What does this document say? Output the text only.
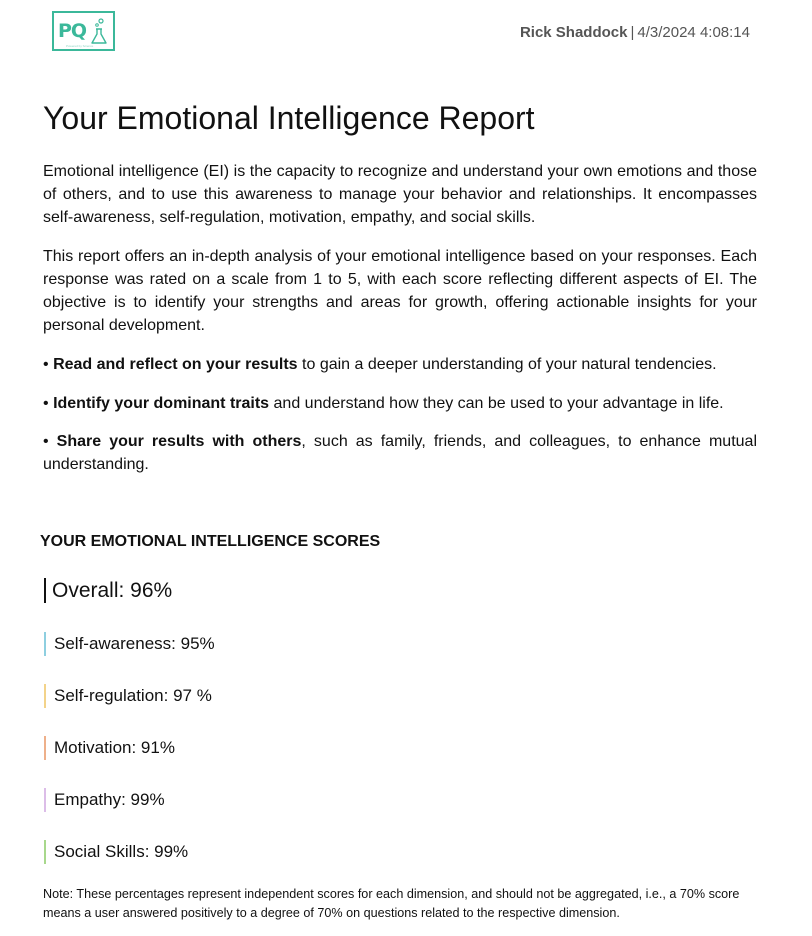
PQ
Powered by Science
Rick Shaddock | 4/3/2024 4:08:14
Your Emotional Intelligence Report

Emotional intelligence (EI) is the capacity to recognize and understand your own emotions and those of others, and to use this awareness to manage your behavior and relationships. It encompasses self-awareness, self-regulation, motivation, empathy, and social skills.

This report offers an in-depth analysis of your emotional intelligence based on your responses. Each response was rated on a scale from 1 to 5, with each score reflecting different aspects of EI. The objective is to identify your strengths and areas for growth, offering actionable insights for your personal development.

• Read and reflect on your results to gain a deeper understanding of your natural tendencies.

• Identify your dominant traits and understand how they can be used to your advantage in life.

• Share your results with others, such as family, friends, and colleagues, to enhance mutual understanding.

YOUR EMOTIONAL INTELLIGENCE SCORES
Overall: 96%
Self-awareness: 95%
Self-regulation: 97 %
Motivation: 91%
Empathy: 99%
Social Skills: 99%

Note: These percentages represent independent scores for each dimension, and should not be aggregated, i.e., a 70% score means a user answered positively to a degree of 70% on questions related to the respective dimension.
